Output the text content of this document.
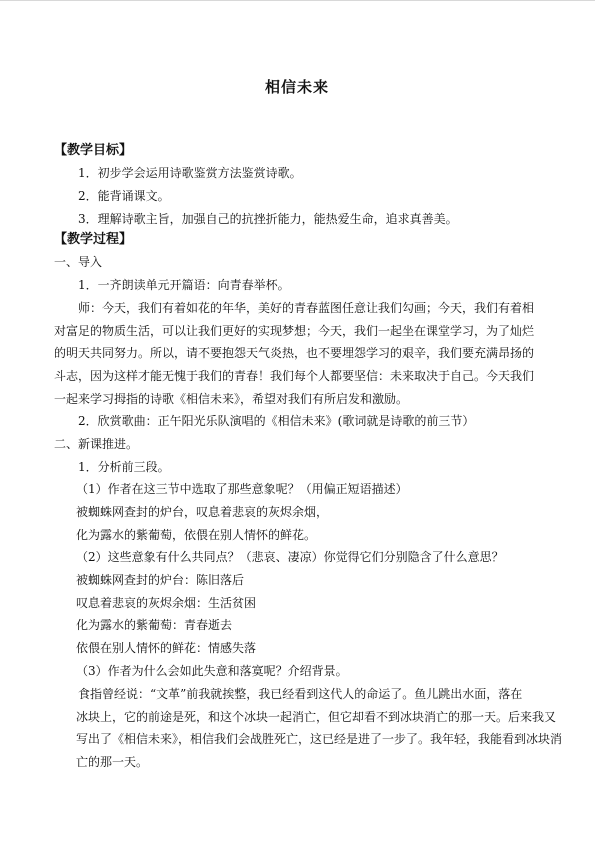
相信未来
【教学目标】
1．初步学会运用诗歌鉴赏方法鉴赏诗歌。
2．能背诵课文。
3．理解诗歌主旨，加强自己的抗挫折能力，能热爱生命，追求真善美。
【教学过程】
一、导入
1．一齐朗读单元开篇语：向青春举杯。
师：今天，我们有着如花的年华，美好的青春蓝图任意让我们勾画；今天，我们有着相
对富足的物质生活，可以让我们更好的实现梦想；今天，我们一起坐在课堂学习，为了灿烂
的明天共同努力。所以，请不要抱怨天气炎热，也不要埋怨学习的艰辛，我们要充满昂扬的
斗志，因为这样才能无愧于我们的青春！我们每个人都要坚信：未来取决于自己。今天我们
一起来学习拇指的诗歌《相信未来》，希望对我们有所启发和激励。
2．欣赏歌曲：正午阳光乐队演唱的《相信未来》(歌词就是诗歌的前三节）
二、新课推进。
1．分析前三段。
（1）作者在这三节中选取了那些意象呢？（用偏正短语描述）
被蜘蛛网查封的炉台，叹息着悲哀的灰烬余烟，
化为露水的紫葡萄，依偎在别人情怀的鲜花。
（2）这些意象有什么共同点？（悲哀、凄凉）你觉得它们分别隐含了什么意思？
被蜘蛛网查封的炉台：陈旧落后
叹息着悲哀的灰烬余烟：生活贫困
化为露水的紫葡萄：青春逝去
依偎在别人情怀的鲜花：情感失落
（3）作者为什么会如此失意和落寞呢？介绍背景。
食指曾经说：“文革”前我就挨整，我已经看到这代人的命运了。鱼儿跳出水面，落在
冰块上，它的前途是死，和这个冰块一起消亡，但它却看不到冰块消亡的那一天。后来我又
写出了《相信未来》，相信我们会战胜死亡，这已经是进了一步了。我年轻，我能看到冰块消
亡的那一天。
